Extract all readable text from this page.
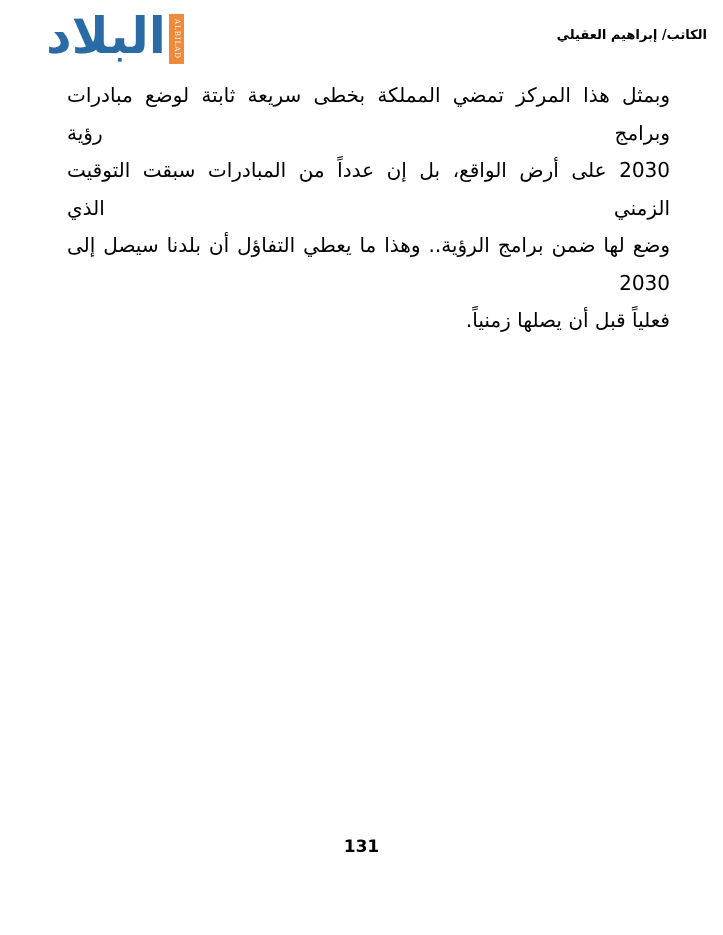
البلاد ALBILAD	الكاتب/ إبراهيم العقيلي
وبمثل هذا المركز تمضي المملكة بخطى سريعة ثابتة لوضع مبادرات وبرامج رؤية
2030 على أرض الواقع، بل إن عدداً من المبادرات سبقت التوقيت الزمني الذي
وضع لها ضمن برامج الرؤية.. وهذا ما يعطي التفاؤل أن بلدنا سيصل إلى 2030
فعلياً قبل أن يصلها زمنياً.
131
